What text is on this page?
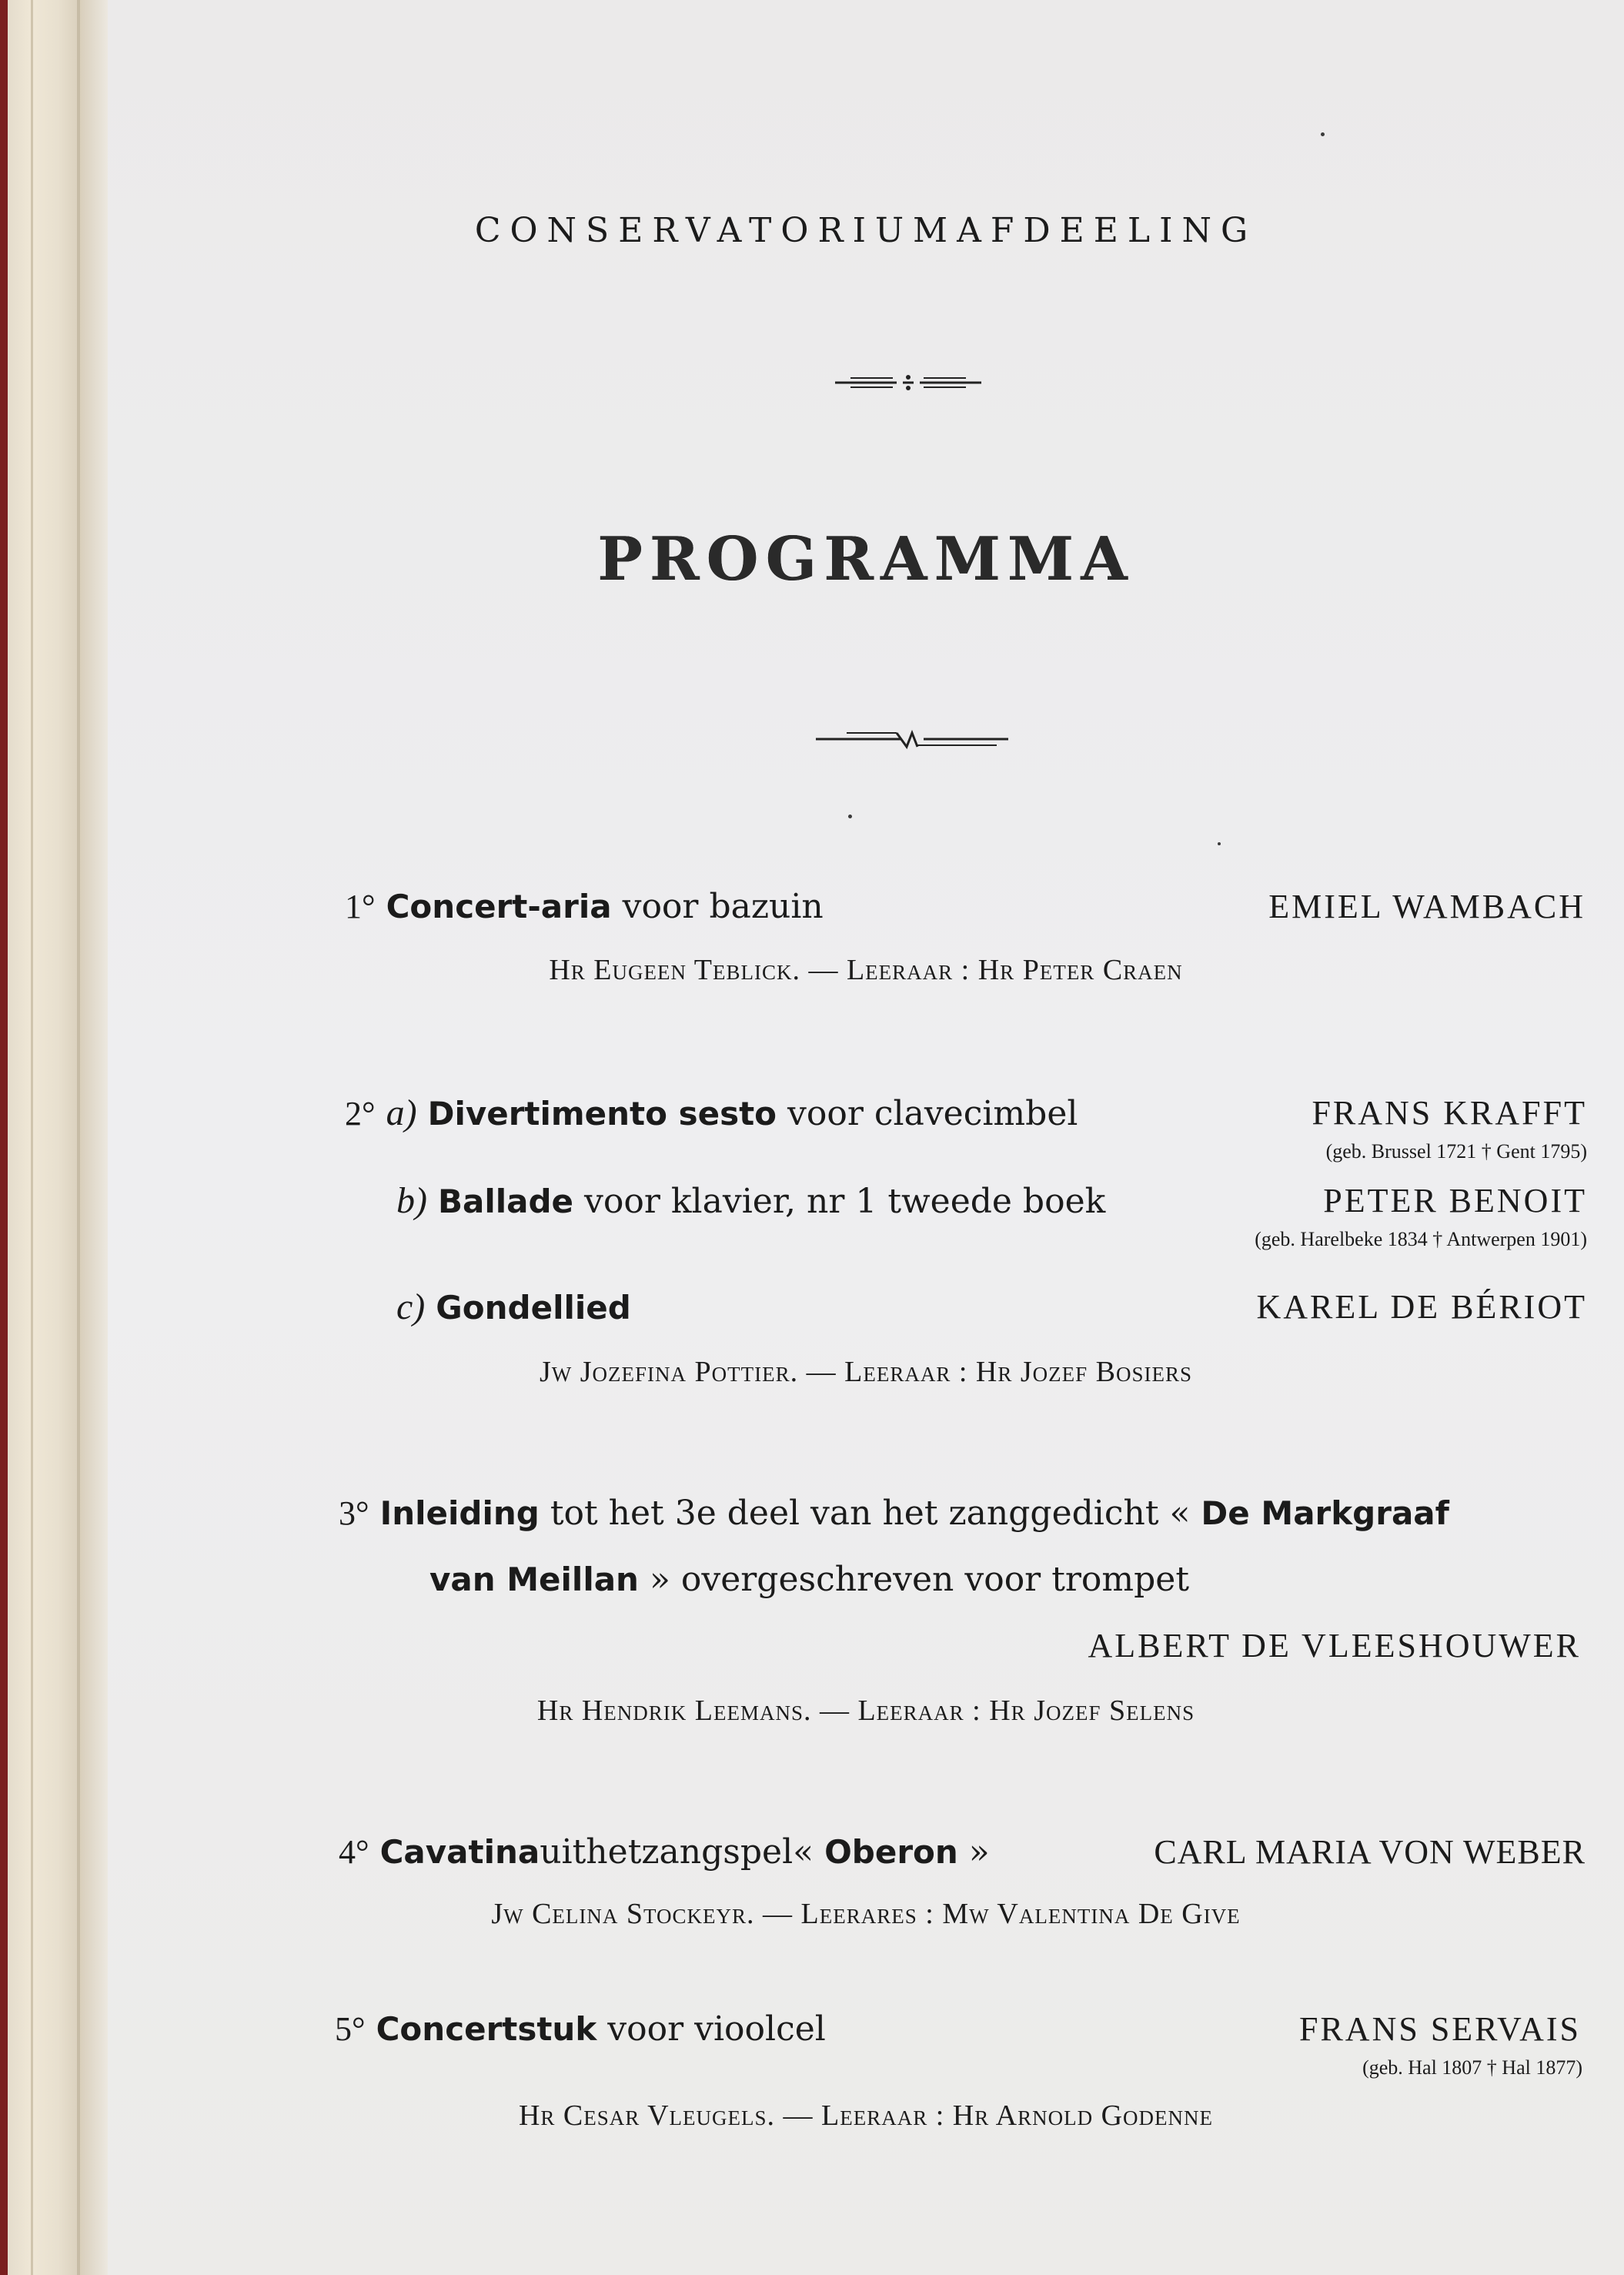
CONSERVATORIUMAFDEELING
PROGRAMMA
1° Concert-aria voor bazuin	EMIEL WAMBACH
Hr Eugeen Teblick. — Leeraar : Hr Peter Craen
2° a) Divertimento sesto voor clavecimbel	FRANS KRAFFT
(geb. Brussel 1721 † Gent 1795)
b) Ballade voor klavier, nr 1 tweede boek	PETER BENOIT
(geb. Harelbeke 1834 † Antwerpen 1901)
c) Gondellied	KAREL DE BÉRIOT
Jw Jozefina Pottier. — Leeraar : Hr Jozef Bosiers
3° Inleiding tot het 3e deel van het zanggedicht « De Markgraaf
van Meillan » overgeschreven voor trompet
ALBERT DE VLEESHOUWER
Hr Hendrik Leemans. — Leeraar : Hr Jozef Selens
4° Cavatinauithetzangspel« Oberon »	CARL MARIA VON WEBER
Jw Celina Stockeyr. — Leerares : Mw Valentina De Give
5° Concertstuk voor vioolcel	FRANS SERVAIS
(geb. Hal 1807 † Hal 1877)
Hr Cesar Vleugels. — Leeraar : Hr Arnold Godenne
